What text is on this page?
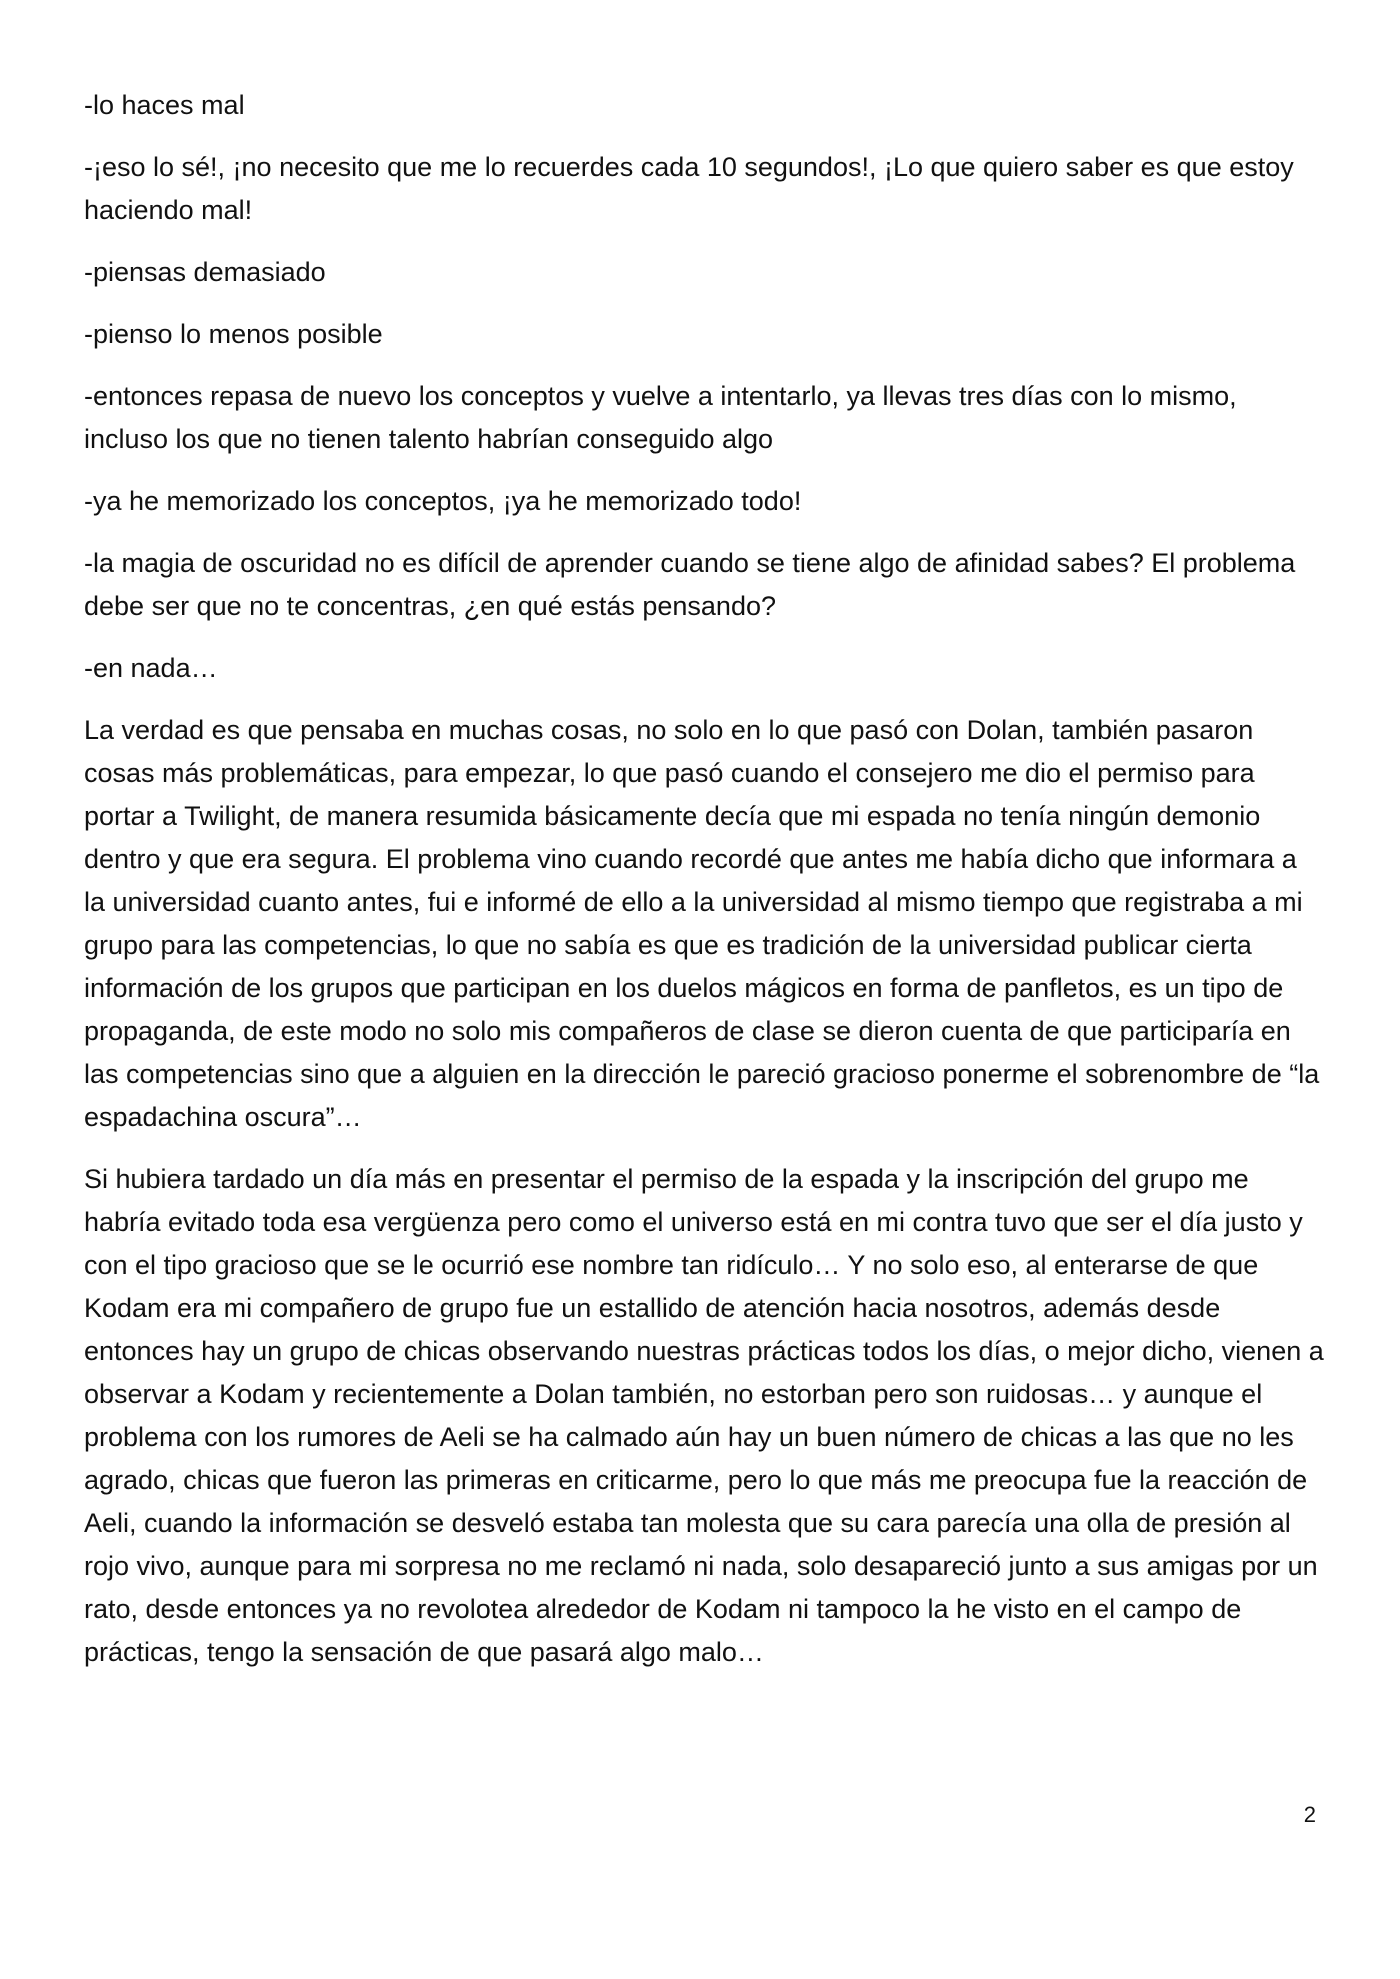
-lo haces mal

-¡eso lo sé!, ¡no necesito que me lo recuerdes cada 10 segundos!, ¡Lo que quiero saber es que estoy haciendo mal!

-piensas demasiado

-pienso lo menos posible

-entonces repasa de nuevo los conceptos y vuelve a intentarlo, ya llevas tres días con lo mismo, incluso los que no tienen talento habrían conseguido algo

-ya he memorizado los conceptos, ¡ya he memorizado todo!

-la magia de oscuridad no es difícil de aprender cuando se tiene algo de afinidad sabes? El problema debe ser que no te concentras, ¿en qué estás pensando?

-en nada…

La verdad es que pensaba en muchas cosas, no solo en lo que pasó con Dolan, también pasaron cosas más problemáticas, para empezar, lo que pasó cuando el consejero me dio el permiso para portar a Twilight, de manera resumida básicamente decía que mi espada no tenía ningún demonio dentro y que era segura. El problema vino cuando recordé que antes me había dicho que informara a la universidad cuanto antes, fui e informé de ello a la universidad al mismo tiempo que registraba a mi grupo para las competencias, lo que no sabía es que es tradición de la universidad publicar cierta información de los grupos que participan en los duelos mágicos en forma de panfletos, es un tipo de propaganda, de este modo no solo mis compañeros de clase se dieron cuenta de que participaría en las competencias sino que a alguien en la dirección le pareció gracioso ponerme el sobrenombre de “la espadachina oscura”…

Si hubiera tardado un día más en presentar el permiso de la espada y la inscripción del grupo me habría evitado toda esa vergüenza pero como el universo está en mi contra tuvo que ser el día justo y con el tipo gracioso que se le ocurrió ese nombre tan ridículo… Y no solo eso, al enterarse de que Kodam era mi compañero de grupo fue un estallido de atención hacia nosotros, además desde entonces hay un grupo de chicas observando nuestras prácticas todos los días, o mejor dicho, vienen a observar a Kodam y recientemente a Dolan también, no estorban pero son ruidosas… y aunque el problema con los rumores de Aeli se ha calmado aún hay un buen número de chicas a las que no les agrado, chicas que fueron las primeras en criticarme, pero lo que más me preocupa fue la reacción de Aeli, cuando la información se desveló estaba tan molesta que su cara parecía una olla de presión al rojo vivo, aunque para mi sorpresa no me reclamó ni nada, solo desapareció junto a sus amigas por un rato, desde entonces ya no revolotea alrededor de Kodam ni tampoco la he visto en el campo de prácticas, tengo la sensación de que pasará algo malo…

2
